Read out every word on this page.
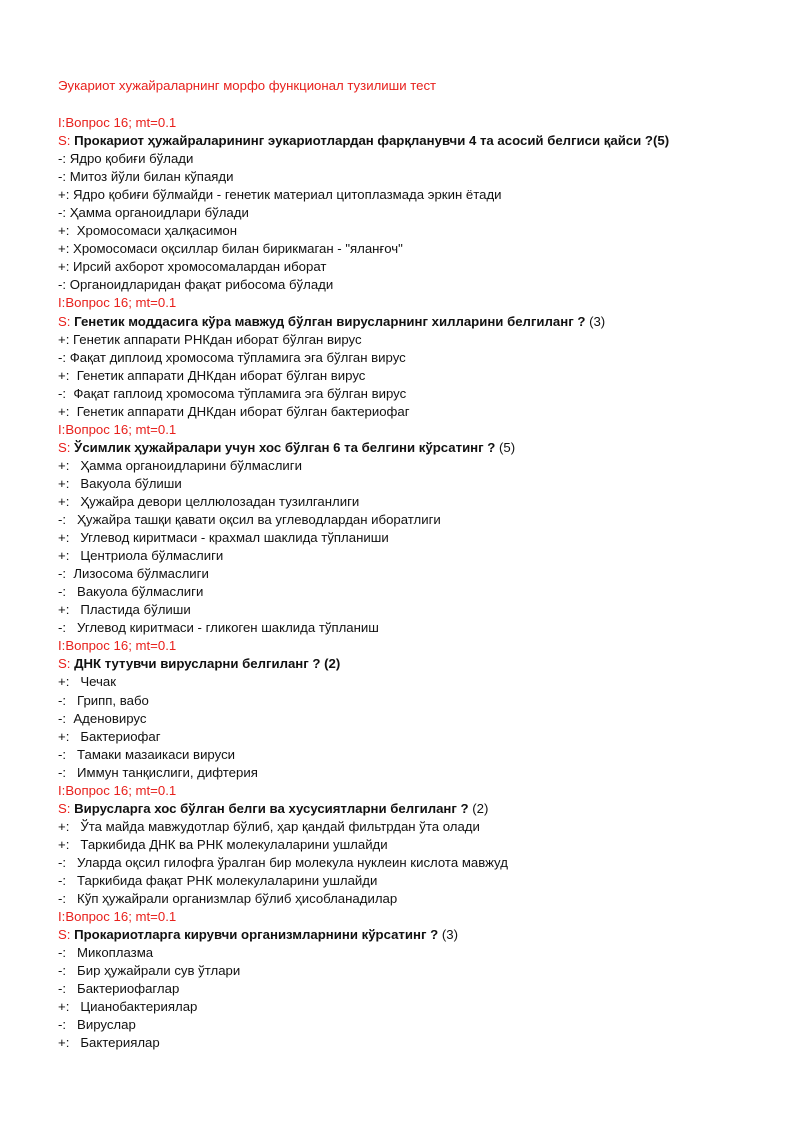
Эукариот хужайраларнинг морфо функционал тузилиши тест
I:Вопрос 16; mt=0.1
S: Прокариот ҳужайраларининг эукариотлардан фарқланувчи 4 та асосий белгиси қайси ?(5)
-: Ядро қобиғи бўлади
-: Митоз йўли билан кўпаяди
+: Ядро қобиғи бўлмайди - генетик материал цитоплазмада эркин ётади
-: Ҳамма органоидлари бўлади
+:  Хромосомаси ҳалқасимон
+: Хромосомаси оқсиллар билан бирикмаган - "яланғоч"
+: Ирсий ахборот хромосомалардан иборат
-: Органоидларидан фақат рибосома бўлади
I:Вопрос 16; mt=0.1
S: Генетик моддасига кўра мавжуд бўлган вирусларнинг хилларини белгиланг ? (3)
+: Генетик аппарати РНКдан иборат бўлган вирус
-: Фақат диплоид хромосома тўпламига эга бўлган вирус
+:  Генетик аппарати ДНКдан иборат бўлган вирус
-:  Фақат гаплоид хромосома тўпламига эга бўлган вирус
+:  Генетик аппарати ДНКдан иборат бўлган бактериофаг
I:Вопрос 16; mt=0.1
S: Ўсимлик ҳужайралари учун хос бўлган 6 та белгини кўрсатинг ? (5)
+:   Ҳамма органоидларини бўлмаслиги
+:   Вакуола бўлиши
+:   Ҳужайра девори целлюлозадан тузилганлиги
-:   Ҳужайра ташқи қавати оқсил ва углеводлардан иборатлиги
+:   Углевод киритмаси - крахмал шаклида тўпланиши
+:   Центриола бўлмаслиги
-:  Лизосома бўлмаслиги
-:   Вакуола бўлмаслиги
+:   Пластида бўлиши
-:   Углевод киритмаси - гликоген шаклида тўпланиш
I:Вопрос 16; mt=0.1
S: ДНК тутувчи вирусларни белгиланг ? (2)
+:   Чечак
-:   Грипп, вабо
-:  Аденовирус
+:   Бактериофаг
-:   Тамаки мазаикаси вируси
-:   Иммун танқислиги, дифтерия
I:Вопрос 16; mt=0.1
S: Вирусларга хос бўлган белги ва хусусиятларни белгиланг ? (2)
+:   Ўта майда мавжудотлар бўлиб, ҳар қандай фильтрдан ўта олади
+:   Таркибида ДНК ва РНК молекулаларини ушлайди
-:   Уларда оқсил гилофга ўралган бир молекула нуклеин кислота мавжуд
-:   Таркибида фақат РНК молекулаларини ушлайди
-:   Кўп ҳужайрали организмлар бўлиб ҳисобланадилар
I:Вопрос 16; mt=0.1
S: Прокариотларга кирувчи организмларнини кўрсатинг ? (3)
-:   Микоплазма
-:   Бир ҳужайрали сув ўтлари
-:   Бактериофаглар
+:   Цианобактериялар
-:   Вируслар
+:   Бактериялар
